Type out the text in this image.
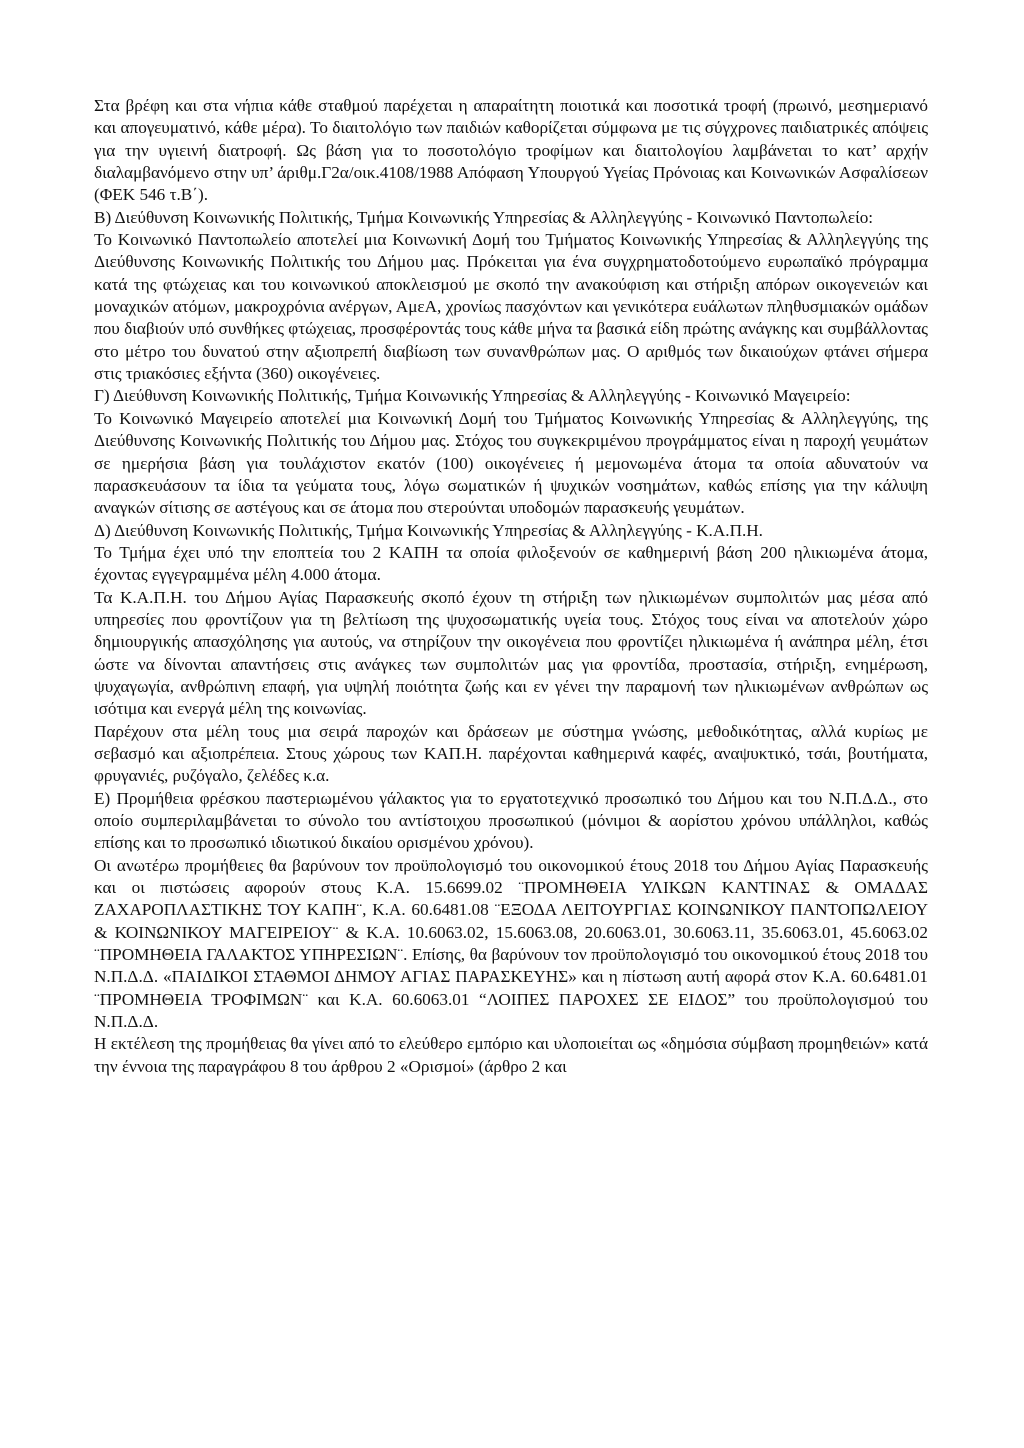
Στα βρέφη και στα νήπια κάθε σταθμού παρέχεται η απαραίτητη ποιοτικά και ποσοτικά τροφή (πρωινό, μεσημεριανό και απογευματινό, κάθε μέρα). Το διαιτολόγιο των παιδιών καθορίζεται σύμφωνα με τις σύγχρονες παιδιατρικές απόψεις για την υγιεινή διατροφή. Ως βάση για το ποσοτολόγιο τροφίμων και διαιτολογίου λαμβάνεται το κατ’ αρχήν διαλαμβανόμενο στην υπ’ άριθμ.Γ2α/οικ.4108/1988 Απόφαση Υπουργού Υγείας Πρόνοιας και Κοινωνικών Ασφαλίσεων (ΦΕΚ 546 τ.Β΄).

Β) Διεύθυνση Κοινωνικής Πολιτικής, Τμήμα Κοινωνικής Υπηρεσίας & Αλληλεγγύης - Κοινωνικό Παντοπωλείο:

Το Κοινωνικό Παντοπωλείο αποτελεί μια Κοινωνική Δομή του Τμήματος Κοινωνικής Υπηρεσίας & Αλληλεγγύης της Διεύθυνσης Κοινωνικής Πολιτικής του Δήμου μας. Πρόκειται για ένα συγχρηματοδοτούμενο ευρωπαϊκό πρόγραμμα κατά της φτώχειας και του κοινωνικού αποκλεισμού με σκοπό την ανακούφιση και στήριξη απόρων οικογενειών και μοναχικών ατόμων, μακροχρόνια ανέργων, ΑμεΑ, χρονίως πασχόντων και γενικότερα ευάλωτων πληθυσμιακών ομάδων που διαβιούν υπό συνθήκες φτώχειας, προσφέροντάς τους κάθε μήνα τα βασικά είδη πρώτης ανάγκης και συμβάλλοντας στο μέτρο του δυνατού στην αξιοπρεπή διαβίωση των συνανθρώπων μας. Ο αριθμός των δικαιούχων φτάνει σήμερα στις τριακόσιες εξήντα (360) οικογένειες.

Γ) Διεύθυνση Κοινωνικής Πολιτικής, Τμήμα Κοινωνικής Υπηρεσίας & Αλληλεγγύης - Κοινωνικό Μαγειρείο:

Το Κοινωνικό Μαγειρείο αποτελεί μια Κοινωνική Δομή του Τμήματος Κοινωνικής Υπηρεσίας & Αλληλεγγύης, της Διεύθυνσης Κοινωνικής Πολιτικής του Δήμου μας. Στόχος του συγκεκριμένου προγράμματος είναι η παροχή γευμάτων σε ημερήσια βάση για τουλάχιστον εκατόν (100) οικογένειες ή μεμονωμένα άτομα τα οποία αδυνατούν να παρασκευάσουν τα ίδια τα γεύματα τους, λόγω σωματικών ή ψυχικών νοσημάτων, καθώς επίσης για την κάλυψη αναγκών σίτισης σε αστέγους και σε άτομα που στερούνται υποδομών παρασκευής γευμάτων.

Δ) Διεύθυνση Κοινωνικής Πολιτικής, Τμήμα Κοινωνικής Υπηρεσίας & Αλληλεγγύης - Κ.Α.Π.Η.

Το Τμήμα έχει υπό την εποπτεία του 2 ΚΑΠΗ τα οποία φιλοξενούν σε καθημερινή βάση 200 ηλικιωμένα άτομα, έχοντας εγγεγραμμένα μέλη 4.000 άτομα.

Τα Κ.Α.Π.Η. του Δήμου Αγίας Παρασκευής σκοπό έχουν τη στήριξη των ηλικιωμένων συμπολιτών μας μέσα από υπηρεσίες που φροντίζουν για τη βελτίωση της ψυχοσωματικής υγεία τους. Στόχος τους είναι να αποτελούν χώρο δημιουργικής απασχόλησης για αυτούς, να στηρίζουν την οικογένεια που φροντίζει ηλικιωμένα ή ανάπηρα μέλη, έτσι ώστε να δίνονται απαντήσεις στις ανάγκες των συμπολιτών μας για φροντίδα, προστασία, στήριξη, ενημέρωση, ψυχαγωγία, ανθρώπινη επαφή, για υψηλή ποιότητα ζωής και εν γένει την παραμονή των ηλικιωμένων ανθρώπων ως ισότιμα και ενεργά μέλη της κοινωνίας.

Παρέχουν στα μέλη τους μια σειρά παροχών και δράσεων με σύστημα γνώσης, μεθοδικότητας, αλλά κυρίως με σεβασμό και αξιοπρέπεια. Στους χώρους των ΚΑΠ.Η. παρέχονται καθημερινά καφές, αναψυκτικό, τσάι, βουτήματα, φρυγανιές, ρυζόγαλο, ζελέδες κ.α.

Ε) Προμήθεια φρέσκου παστεριωμένου γάλακτος για το εργατοτεχνικό προσωπικό του Δήμου και του Ν.Π.Δ.Δ., στο οποίο συμπεριλαμβάνεται το σύνολο του αντίστοιχου προσωπικού (μόνιμοι & αορίστου χρόνου υπάλληλοι, καθώς επίσης και το προσωπικό ιδιωτικού δικαίου ορισμένου χρόνου).

Οι ανωτέρω προμήθειες θα βαρύνουν τον προϋπολογισμό του οικονομικού έτους 2018 του Δήμου Αγίας Παρασκευής και οι πιστώσεις αφορούν στους Κ.Α. 15.6699.02 ¨ΠΡΟΜΗΘΕΙΑ ΥΛΙΚΩΝ ΚΑΝΤΙΝΑΣ & ΟΜΑΔΑΣ ΖΑΧΑΡΟΠΛΑΣΤΙΚΗΣ ΤΟΥ ΚΑΠΗ¨, Κ.Α. 60.6481.08 ¨ΕΞΟΔΑ ΛΕΙΤΟΥΡΓΙΑΣ ΚΟΙΝΩΝΙΚΟΥ ΠΑΝΤΟΠΩΛΕΙΟΥ & ΚΟΙΝΩΝΙΚΟΥ ΜΑΓΕΙΡΕΙΟΥ¨ & Κ.Α. 10.6063.02, 15.6063.08, 20.6063.01, 30.6063.11, 35.6063.01, 45.6063.02 ¨ΠΡΟΜΗΘΕΙΑ ΓΑΛΑΚΤΟΣ ΥΠΗΡΕΣΙΩΝ¨. Επίσης, θα βαρύνουν τον προϋπολογισμό του οικονομικού έτους 2018 του Ν.Π.Δ.Δ. «ΠΑΙΔΙΚΟΙ ΣΤΑΘΜΟΙ ΔΗΜΟΥ ΑΓΙΑΣ ΠΑΡΑΣΚΕΥΗΣ» και η πίστωση αυτή αφορά στον Κ.Α. 60.6481.01 ¨ΠΡΟΜΗΘΕΙΑ ΤΡΟΦΙΜΩΝ¨ και Κ.Α. 60.6063.01 “ΛΟΙΠΕΣ ΠΑΡΟΧΕΣ ΣΕ ΕΙΔΟΣ” του προϋπολογισμού του Ν.Π.Δ.Δ.

Η εκτέλεση της προμήθειας θα γίνει από το ελεύθερο εμπόριο και υλοποιείται ως «δημόσια σύμβαση προμηθειών» κατά την έννοια της παραγράφου 8 του άρθρου 2 «Ορισμοί» (άρθρο 2 και
